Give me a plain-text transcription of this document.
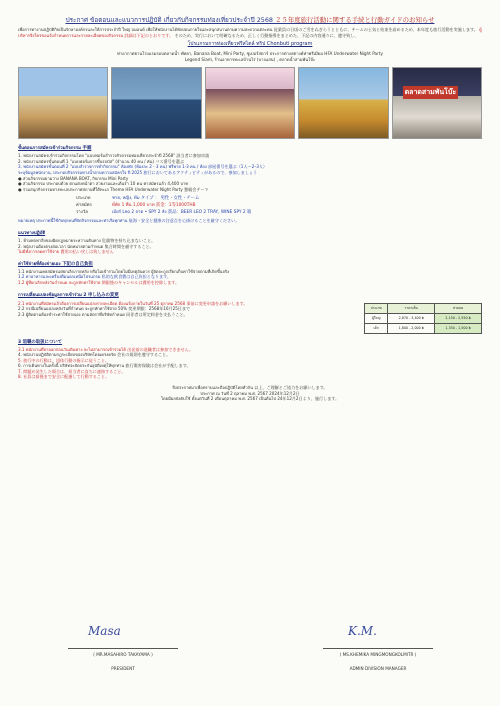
ประกาศ ข้อตอนและแนวการปฏิบัติ เกี่ยวกับกิจกรรมท่องเที่ยวประจำปี 2568 ２５年度旅行活動に関する手続と行動ガイドのお知らせ
เพื่อการทางานปฏิบัติกิจเป็นรักษาองค์กรและให้การประจำปี ใหญ่ บมอนด์ เพื่อให้พนักงานได้พักผ่อนกายใจและสนุกสนานตามความสะดวกแต่ละคน 従業員の日頃のご労をねぎらうとともに、チームの士気と結束を高めるため、本年度も旅行活動を実施します。 ผู้บริหารจึงใคร่ขอแจ้งกำหนดการและรายละเอียดของกิจกรรม 詳細は下記のとおりです。 そのため、実行において明確なるため、正しく行動指導をまとめた、下記の内容通りに、遵守致し、
โปรแกรมการท่องเที่ยวฟรีสไตล์ ทริป Chonbuti program
ท่าอากาศยานโรงแรมรอบตลาดน้ำ พัทยา, Banana Boat, Mini Party, ซูเปอร์สตาร์ ประการต่างสตางค์ท่าพรีเมียม HFA Underwater Night Party
Legend Siam, ร้านอาหารทะเลบ้านไร่ (บางแสน) , ตลาดน้ำสามพันโบ๊ะ
ตลาดสามพันโบ๊ะ
ขั้นตอนการสมัครเข้าร่วมกิจกรรม 手順
1. พนักงานสมัครเข้าร่วมกิจกรรมโดย "แบบฟอร์มสำรวจกิจกรรมท่องเที่ยวประจำปี 2568" 該当者に参加申請
2. พนักงานสมัครขั้นตอนที่ 1 "แบบฟอร์มการขึ้นรถบัส" (จำนวน 40 คน / คัน) バス番号を選ぶ
3. พนักงานสมัครขั้นตอนที่ 2 "แบบสำรวจการทำกิจกรรม" ห้องพัก (ห้องละ 2 - 3 คน) ฟรีพาย 1-3 คน / ห้อง 部屋番号を選ぶ（1人～2–3人）
ระบุข้อมูลพนักงาน, ประกอบกิจกรรมทางน้ำตามความสมัครใจ ปี 2025 旅行においてあるアクティビティがあるので、参加しましょう
● ส่วนกิจกรรมยามว่าง BANANA BOAT, กิจกรรม Mini Party
● ส่วนกิจกรรม ประกอบด้วย ตกแต่งหน้าตา สวยงามและเต้นรำ 10 คน ค่าสมัครแล้ว 4,400 บาท
● ร่วมสนุกกิจกรรมทางทะเลประกาศสถานที่ใต้ทะเล Theme HFA Underwater Night Party 懇親会テーマ
ประเภท	ชาย, หญิง, ทีม タイプ ： 男性・女性・チーム
ค่าสมัคร	ที่พัก 1 คืน 1,000 บาท 賞金：1等1000THB
รางวัล	เบียร์ Leo 2 ถาด • SPY 2 ลัง 賞品：BEER LEO 2 TRAY, WINE SPY 2 箱
หมายเหตุ ประกาศนี้ใช้กับทุกคนที่จัดกิจกรรมและท่าเรือทุกท่าน 航海・安全と健康の注意点を心掛けることを厳守ください。
แนวทางปฏิบัติ
1. ห้ามพกพาสิ่งของผิดกฎหมายระหว่างเดินทาง 危険物を持ち込まないこと。
2. พนักงานต้องตรงต่อเวลา นัดหมายตามกำหนด 集合時間を厳守すること。
ไม่มีทั้งการลดค่าใช้จ่าย 費用の払い戻しは致しません
ค่าใช้จ่ายที่ต้องจ่ายเอง 下記の自己負担
1.1 พนักงานเคยสมัครแต่ยกเลิกภายหลัง หรือไม่เข้าร่วมโดยไม่มีเหตุอันควร ผู้จัดจะถูกเรียกเก็บค่าใช้จ่ายตามที่เกิดขึ้นจริง
1.2 ค่าอาหารและเครื่องดื่มนอกเหนือโปรแกรม 私的な飲食費は自己負担となります。
1.2 ผู้ที่ยกเลิกหลังวันกำหนด จะถูกหักค่าใช้จ่าย 期限後のキャンセルは費用を控除します。
การเปลี่ยนแปลงข้อมูลการเข้าร่วม 2 申し込みの変更
2.1 พนักงานที่สมัครแล้วต้องการเปลี่ยนแปลงรายละเอียด ต้องแจ้งภายในวันที่ 25 ตุลาคม 2568 事前に変更申請をお願いします。
2.2 กรณีเปลี่ยนแปลงหลังวันที่กำหนด จะถูกหักค่าใช้จ่าย 50% 変更期限：2568年10月25日まで
2.3 ผู้ติดตามต้องชำระค่าใช้จ่ายเอง ตามอัตราที่บริษัทกำหนด 同伴者は所定料金を支払うこと。
ประเภท	ราคาเต็ม	ส่วนลด
ผู้ใหญ่	2,870 - 3,400 ฿	2,150 - 2,550 ฿
เด็ก	1,800 - 2,000 ฿	1,350 - 1,500 ฿
3 退職の取扱について
3.1 พนักงานที่ลาออกก่อนวันเดินทาง จะไม่สามารถเข้าร่วมได้ 出発前の退職者は参加できません。
4. พนักงานปฏิบัติตามกฎระเบียบของบริษัทโดยเคร่งครัด 会社の規則を遵守すること。
5. 旅行中の行動は、団体行動の指示に従うこと。
6. การเดินทางในครั้งนี้ บริษัทจะจัดประกันอุบัติเหตุให้ทุกท่าน 旅行傷害保険は会社が手配します。
7. 問題が発生した場合は、担当者に直ちに連絡すること。
8. 社員は最後まで安全に配慮して行動すること。
จึงประกาศมาเพื่อทราบและถือปฏิบัติโดยทั่วกัน 以上、ご理解とご協力をお願いします。
ประกาศ ณ วันที่ 2 ตุลาคม พ.ศ. 2567 2024年12月2日
โดยมีผลบังคับใช้ ตั้งแต่วันที่ 2 เดือนตุลาคม พ.ศ. 2567 เป็นต้นไป 24年12月2日より、施行します。
Masa
( MR.MASAHIRO TAKAYAMA )
PRESIDENT
K.M.
( MS.KHEMIKA MINGMONGKOLMITR )
ADMIN DIVISION MANAGER
